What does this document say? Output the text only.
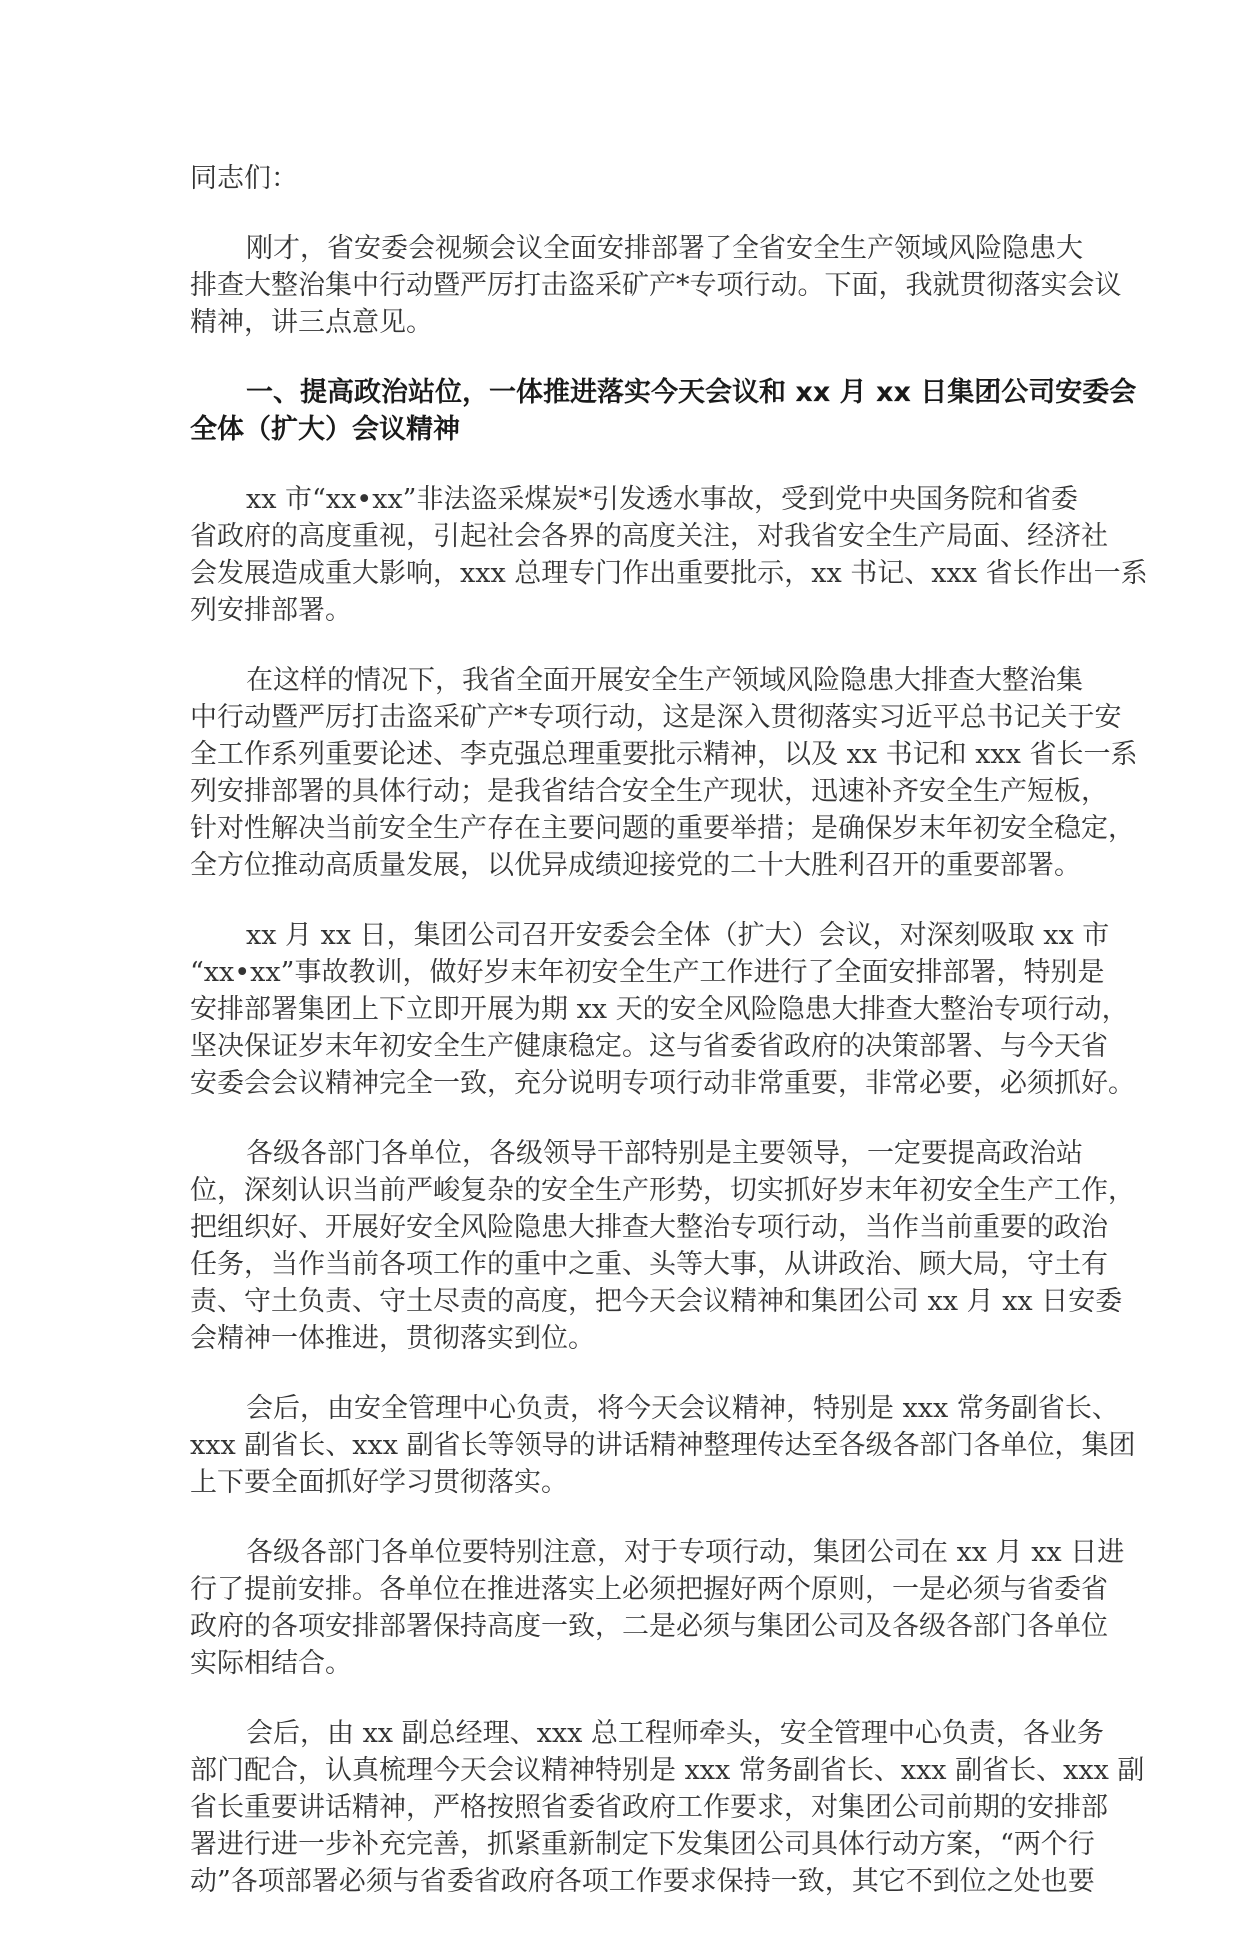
同志们：
刚才，省安委会视频会议全面安排部署了全省安全生产领域风险隐患大
排查大整治集中行动暨严厉打击盗采矿产*专项行动。下面，我就贯彻落实会议
精神，讲三点意见。
一、提高政治站位，一体推进落实今天会议和 xx 月 xx 日集团公司安委会
全体（扩大）会议精神
xx 市“xx•xx”非法盗采煤炭*引发透水事故，受到党中央国务院和省委
省政府的高度重视，引起社会各界的高度关注，对我省安全生产局面、经济社
会发展造成重大影响，xxx 总理专门作出重要批示，xx 书记、xxx 省长作出一系
列安排部署。
在这样的情况下，我省全面开展安全生产领域风险隐患大排查大整治集
中行动暨严厉打击盗采矿产*专项行动，这是深入贯彻落实习近平总书记关于安
全工作系列重要论述、李克强总理重要批示精神，以及 xx 书记和 xxx 省长一系
列安排部署的具体行动；是我省结合安全生产现状，迅速补齐安全生产短板，
针对性解决当前安全生产存在主要问题的重要举措；是确保岁末年初安全稳定，
全方位推动高质量发展，以优异成绩迎接党的二十大胜利召开的重要部署。
xx 月 xx 日，集团公司召开安委会全体（扩大）会议，对深刻吸取 xx 市
“xx•xx”事故教训，做好岁末年初安全生产工作进行了全面安排部署，特别是
安排部署集团上下立即开展为期 xx 天的安全风险隐患大排查大整治专项行动，
坚决保证岁末年初安全生产健康稳定。这与省委省政府的决策部署、与今天省
安委会会议精神完全一致，充分说明专项行动非常重要，非常必要，必须抓好。
各级各部门各单位，各级领导干部特别是主要领导，一定要提高政治站
位，深刻认识当前严峻复杂的安全生产形势，切实抓好岁末年初安全生产工作，
把组织好、开展好安全风险隐患大排查大整治专项行动，当作当前重要的政治
任务，当作当前各项工作的重中之重、头等大事，从讲政治、顾大局，守土有
责、守土负责、守土尽责的高度，把今天会议精神和集团公司 xx 月 xx 日安委
会精神一体推进，贯彻落实到位。
会后，由安全管理中心负责，将今天会议精神，特别是 xxx 常务副省长、
xxx 副省长、xxx 副省长等领导的讲话精神整理传达至各级各部门各单位，集团
上下要全面抓好学习贯彻落实。
各级各部门各单位要特别注意，对于专项行动，集团公司在 xx 月 xx 日进
行了提前安排。各单位在推进落实上必须把握好两个原则，一是必须与省委省
政府的各项安排部署保持高度一致，二是必须与集团公司及各级各部门各单位
实际相结合。
会后，由 xx 副总经理、xxx 总工程师牵头，安全管理中心负责，各业务
部门配合，认真梳理今天会议精神特别是 xxx 常务副省长、xxx 副省长、xxx 副
省长重要讲话精神，严格按照省委省政府工作要求，对集团公司前期的安排部
署进行进一步补充完善，抓紧重新制定下发集团公司具体行动方案，“两个行
动”各项部署必须与省委省政府各项工作要求保持一致，其它不到位之处也要
